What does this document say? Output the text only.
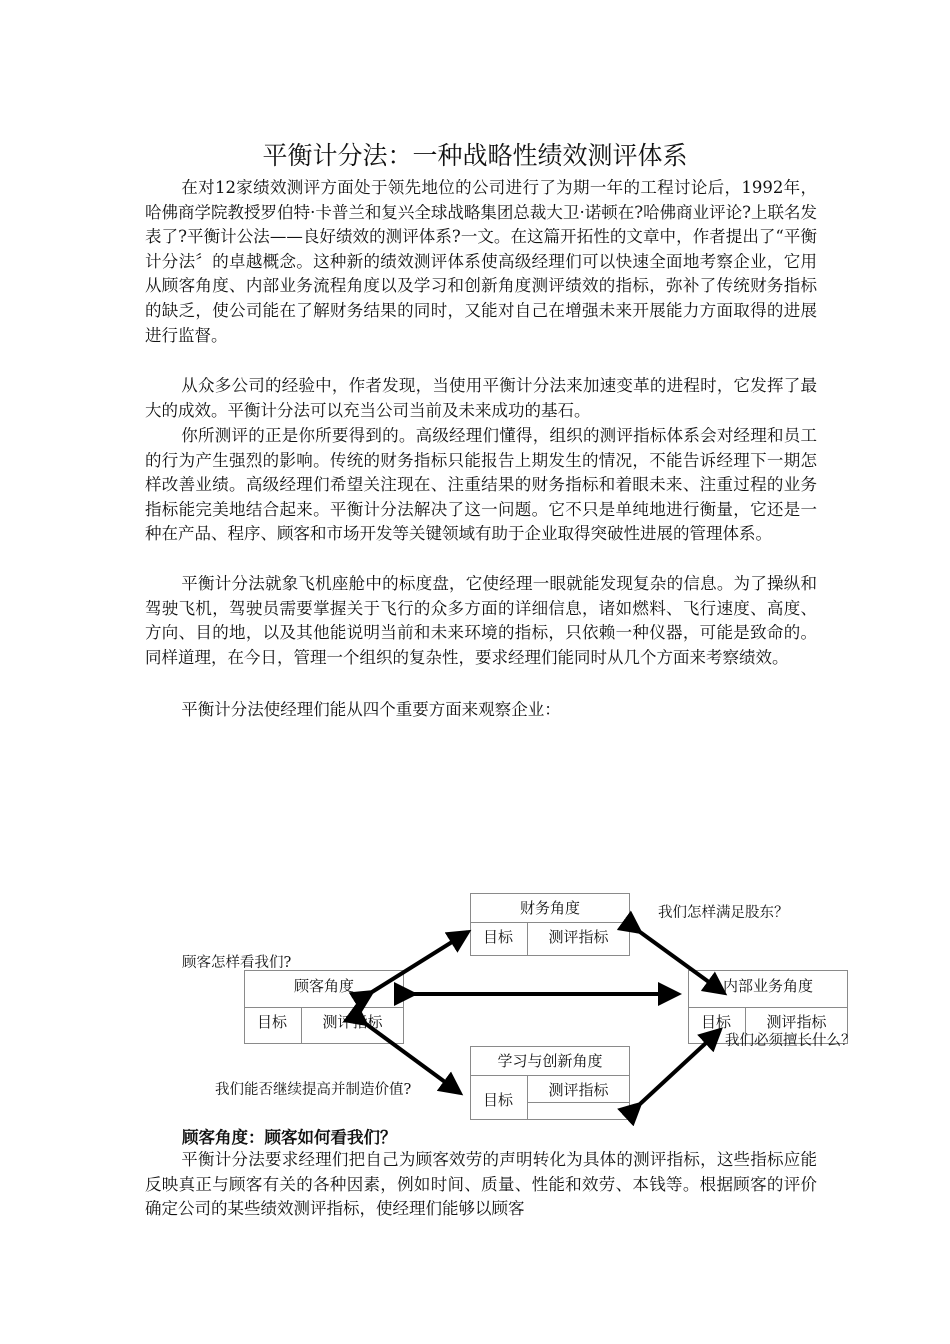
平衡计分法：一种战略性绩效测评体系

在对12家绩效测评方面处于领先地位的公司进行了为期一年的工程讨论后，1992年，哈佛商学院教授罗伯特·卡普兰和复兴全球战略集团总裁大卫·诺顿在?哈佛商业评论?上联名发表了?平衡计公法——良好绩效的测评体系?一文。在这篇开拓性的文章中，作者提出了“平衡计分法〞的卓越概念。这种新的绩效测评体系使高级经理们可以快速全面地考察企业，它用从顾客角度、内部业务流程角度以及学习和创新角度测评绩效的指标，弥补了传统财务指标的缺乏，使公司能在了解财务结果的同时，又能对自己在增强未来开展能力方面取得的进展进行监督。

从众多公司的经验中，作者发现，当使用平衡计分法来加速变革的进程时，它发挥了最大的成效。平衡计分法可以充当公司当前及未来成功的基石。

你所测评的正是你所要得到的。高级经理们懂得，组织的测评指标体系会对经理和员工的行为产生强烈的影响。传统的财务指标只能报告上期发生的情况，不能告诉经理下一期怎样改善业绩。高级经理们希望关注现在、注重结果的财务指标和着眼未来、注重过程的业务指标能完美地结合起来。平衡计分法解决了这一问题。它不只是单纯地进行衡量，它还是一种在产品、程序、顾客和市场开发等关键领域有助于企业取得突破性进展的管理体系。

平衡计分法就象飞机座舱中的标度盘，它使经理一眼就能发现复杂的信息。为了操纵和驾驶飞机，驾驶员需要掌握关于飞行的众多方面的详细信息，诸如燃料、飞行速度、高度、方向、目的地，以及其他能说明当前和未来环境的指标，只依赖一种仪器，可能是致命的。同样道理，在今日，管理一个组织的复杂性，要求经理们能同时从几个方面来考察绩效。

平衡计分法使经理们能从四个重要方面来观察企业：

财务角度
目标	测评指标
顾客角度
目标	测评指标
内部业务角度
目标	测评指标
学习与创新角度
目标
测评指标
我们怎样满足股东？
顾客怎样看我们?
我们必须擅长什么？
我们能否继续提高并制造价值?
顾客角度：顾客如何看我们？

平衡计分法要求经理们把自己为顾客效劳的声明转化为具体的测评指标，这些指标应能反映真正与顾客有关的各种因素，例如时间、质量、性能和效劳、本钱等。根据顾客的评价确定公司的某些绩效测评指标，使经理们能够以顾客
